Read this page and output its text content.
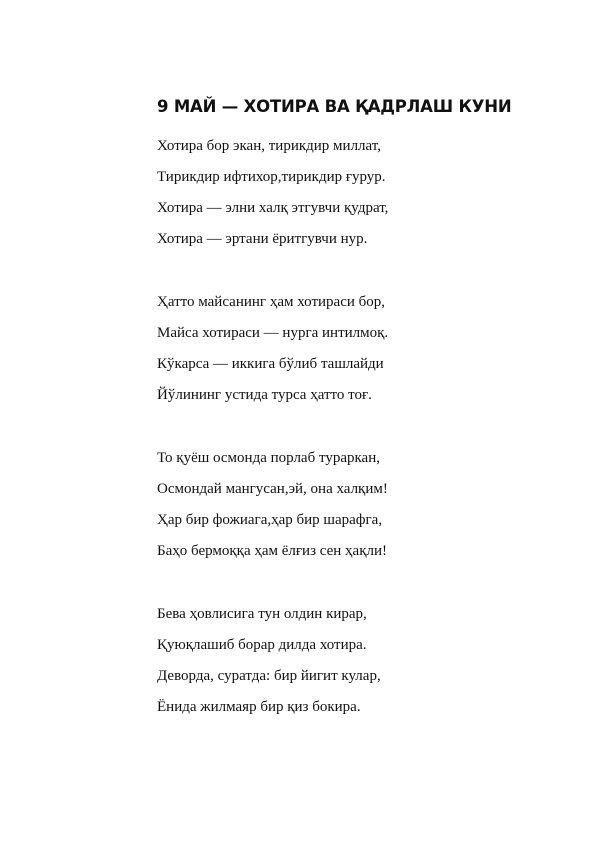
9 МАЙ — ХОТИРА ВА ҚАДРЛАШ КУНИ
Хотира бор экан, тирикдир миллат,
Тирикдир ифтихор,тирикдир ғурур.
Хотира — элни халқ этгувчи қудрат,
Хотира — эртани ёритгувчи нур.
Ҳатто майсанинг ҳам хотираси бор,
Майса хотираси — нурга интилмоқ.
Кўкарса — иккига бўлиб ташлайди
Йўлининг устида турса ҳатто тоғ.
То қуёш осмонда порлаб тураркан,
Осмондай мангусан,эй, она халқим!
Ҳар бир фожиага,ҳар бир шарафга,
Баҳо бермоққа ҳам ёлғиз сен ҳақли!
Бева ҳовлисига тун олдин кирар,
Қуюқлашиб борар дилда хотира.
Деворда, суратда: бир йигит кулар,
Ёнида жилмаяр бир қиз бокира.
